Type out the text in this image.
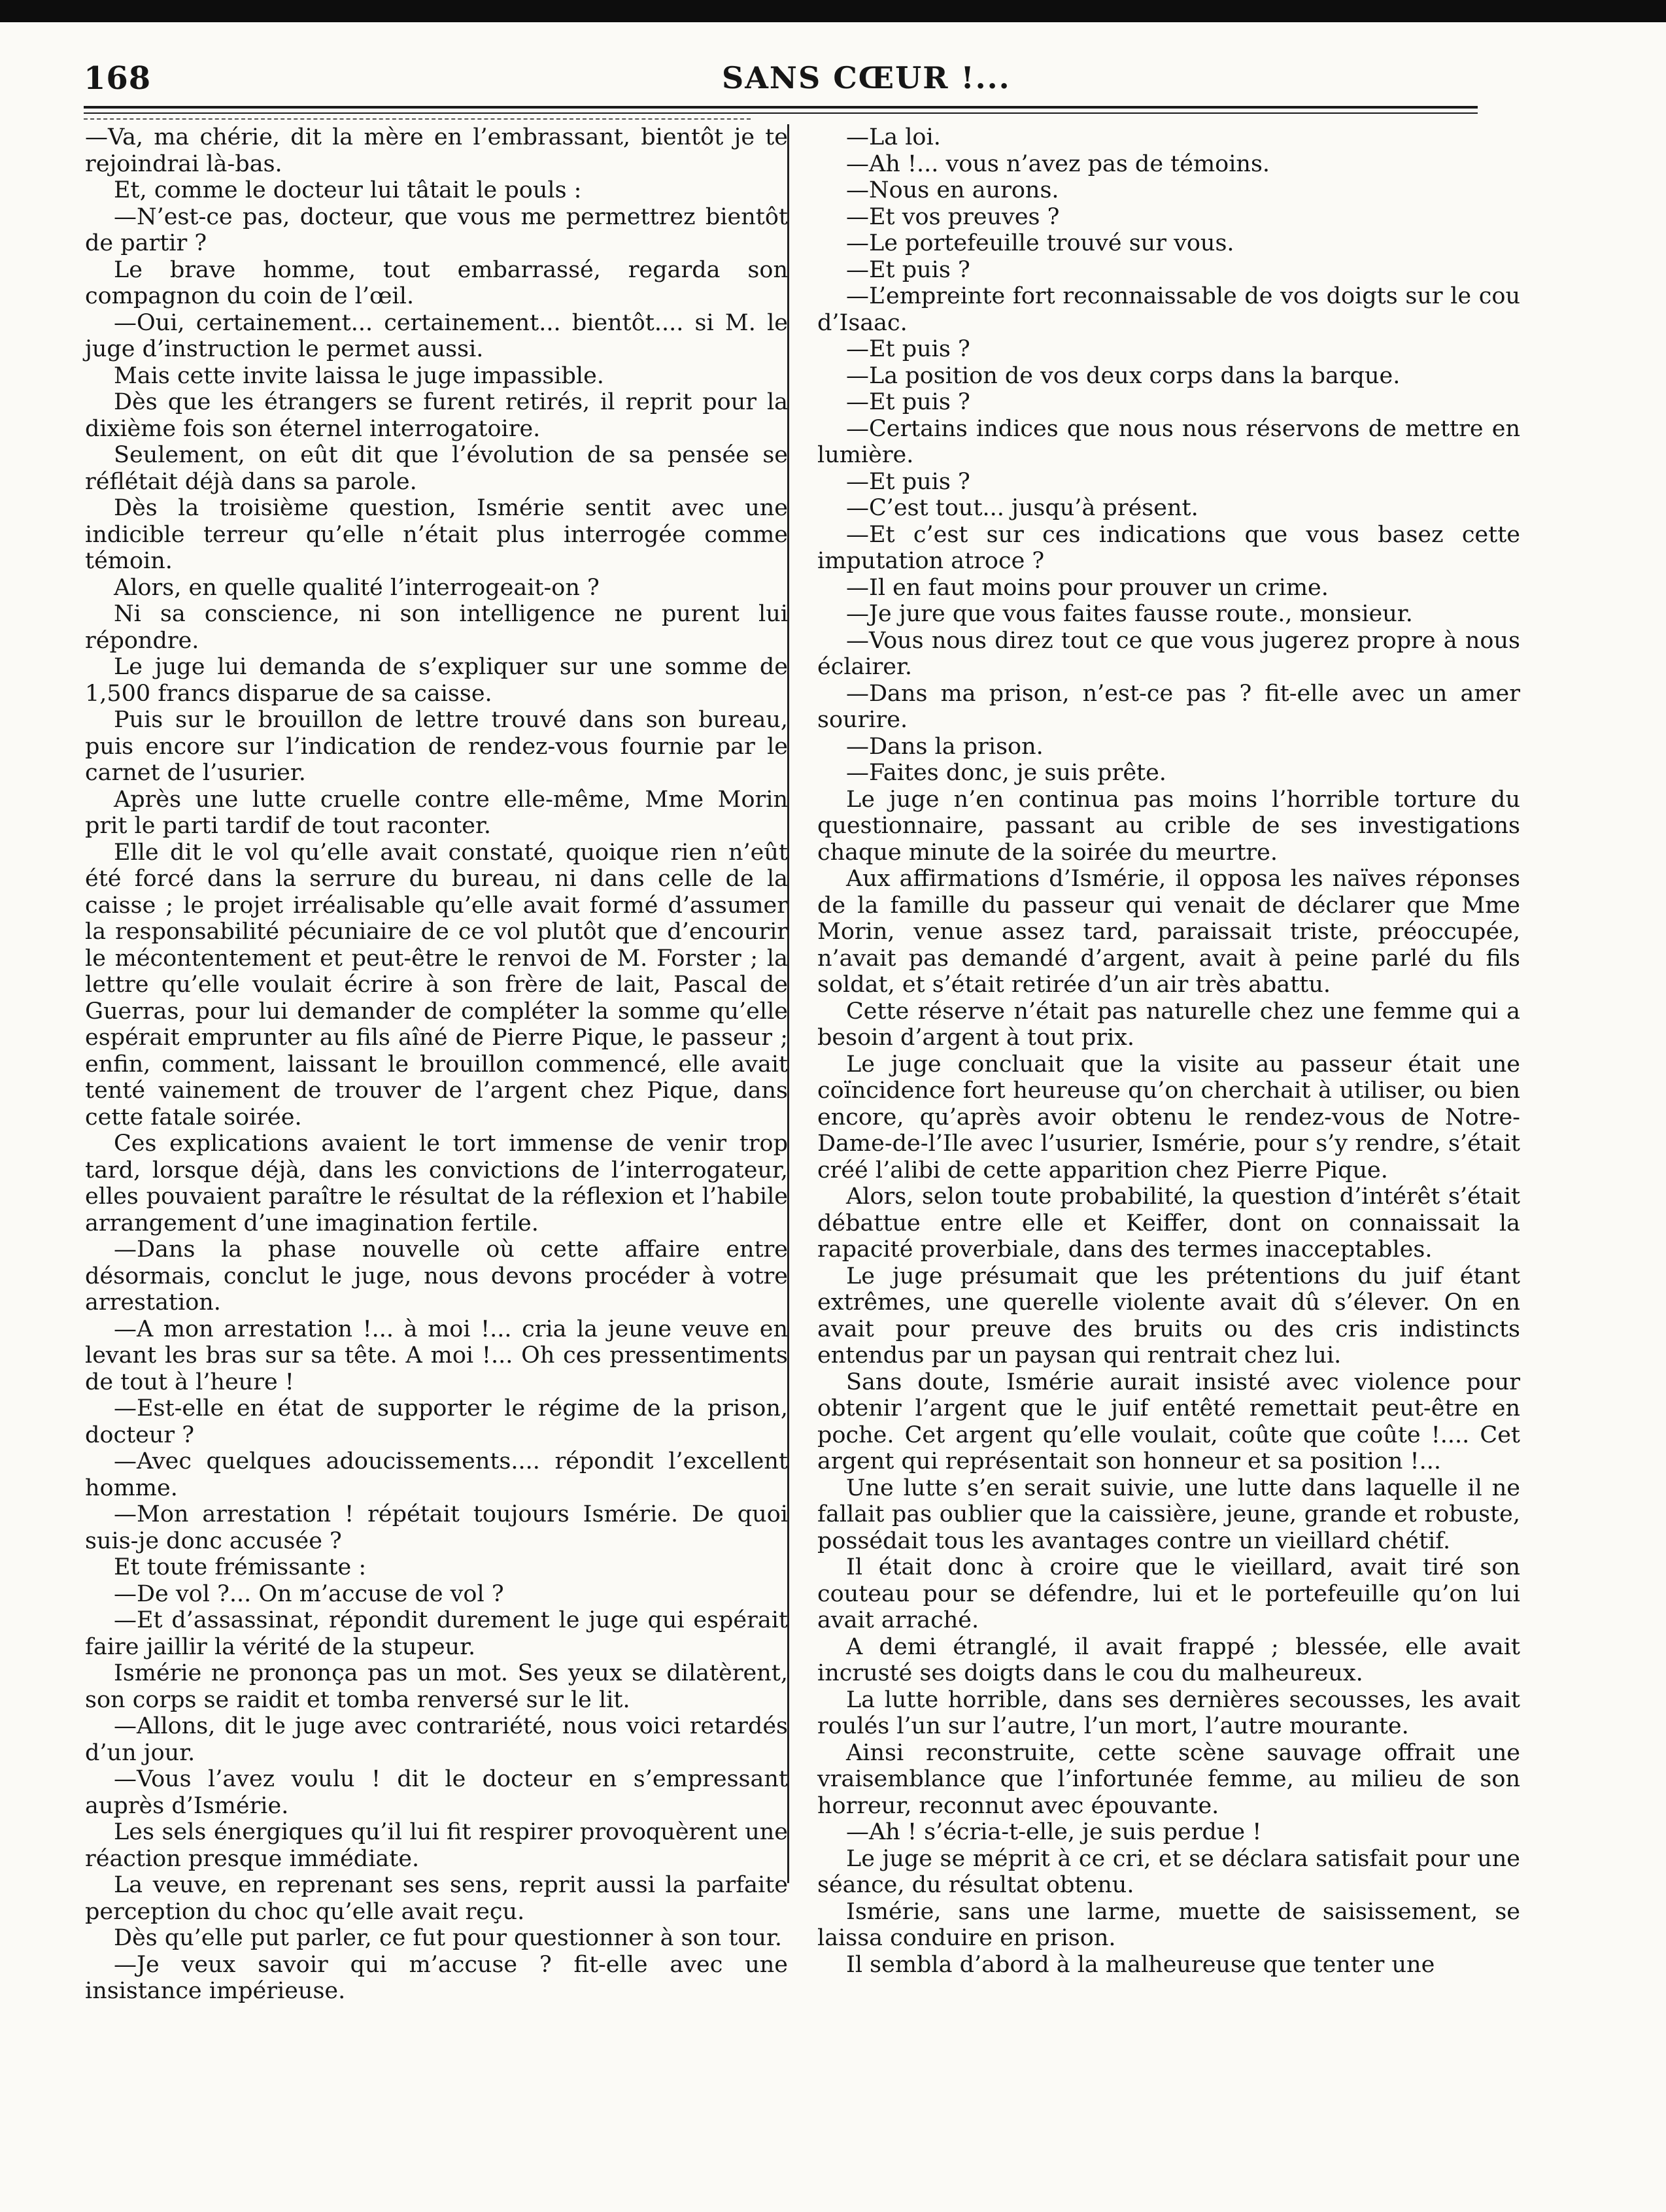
168	SANS CŒUR !...

—Va, ma chérie, dit la mère en l’embrassant, bientôt je te rejoindrai là-bas.

Et, comme le docteur lui tâtait le pouls :

—N’est-ce pas, docteur, que vous me permettrez bientôt de partir ?

Le brave homme, tout embarrassé, regarda son compagnon du coin de l’œil.

—Oui, certainement... certainement... bientôt.... si M. le juge d’instruction le permet aussi.

Mais cette invite laissa le juge impassible.

Dès que les étrangers se furent retirés, il reprit pour la dixième fois son éternel interrogatoire.

Seulement, on eût dit que l’évolution de sa pensée se réflétait déjà dans sa parole.

Dès la troisième question, Ismérie sentit avec une indicible terreur qu’elle n’était plus interrogée comme témoin.

Alors, en quelle qualité l’interrogeait-on ?

Ni sa conscience, ni son intelligence ne purent lui répondre.

Le juge lui demanda de s’expliquer sur une somme de 1,500 francs disparue de sa caisse.

Puis sur le brouillon de lettre trouvé dans son bureau, puis encore sur l’indication de rendez-vous fournie par le carnet de l’usurier.

Après une lutte cruelle contre elle-même, Mme Morin prit le parti tardif de tout raconter.

Elle dit le vol qu’elle avait constaté, quoique rien n’eût été forcé dans la serrure du bureau, ni dans celle de la caisse ; le projet irréalisable qu’elle avait formé d’assumer la responsabilité pécuniaire de ce vol plutôt que d’encourir le mécontentement et peut-être le renvoi de M. Forster ; la lettre qu’elle voulait écrire à son frère de lait, Pascal de Guerras, pour lui demander de compléter la somme qu’elle espérait emprunter au fils aîné de Pierre Pique, le passeur ; enfin, comment, laissant le brouillon commencé, elle avait tenté vainement de trouver de l’argent chez Pique, dans cette fatale soirée.

Ces explications avaient le tort immense de venir trop tard, lorsque déjà, dans les convictions de l’interrogateur, elles pouvaient paraître le résultat de la réflexion et l’habile arrangement d’une imagination fertile.

—Dans la phase nouvelle où cette affaire entre désormais, conclut le juge, nous devons procéder à votre arrestation.

—A mon arrestation !... à moi !... cria la jeune veuve en levant les bras sur sa tête. A moi !... Oh ces pressentiments de tout à l’heure !

—Est-elle en état de supporter le régime de la prison, docteur ?

—Avec quelques adoucissements.... répondit l’excellent homme.

—Mon arrestation ! répétait toujours Ismérie. De quoi suis-je donc accusée ?

Et toute frémissante :

—De vol ?... On m’accuse de vol ?

—Et d’assassinat, répondit durement le juge qui espérait faire jaillir la vérité de la stupeur.

Ismérie ne prononça pas un mot. Ses yeux se dilatèrent, son corps se raidit et tomba renversé sur le lit.

—Allons, dit le juge avec contrariété, nous voici retardés d’un jour.

—Vous l’avez voulu ! dit le docteur en s’empressant auprès d’Ismérie.

Les sels énergiques qu’il lui fit respirer provoquèrent une réaction presque immédiate.

La veuve, en reprenant ses sens, reprit aussi la parfaite perception du choc qu’elle avait reçu.

Dès qu’elle put parler, ce fut pour questionner à son tour.

—Je veux savoir qui m’accuse ? fit-elle avec une insistance impérieuse.

—La loi.

—Ah !... vous n’avez pas de témoins.

—Nous en aurons.

—Et vos preuves ?

—Le portefeuille trouvé sur vous.

—Et puis ?

—L’empreinte fort reconnaissable de vos doigts sur le cou d’Isaac.

—Et puis ?

—La position de vos deux corps dans la barque.

—Et puis ?

—Certains indices que nous nous réservons de mettre en lumière.

—Et puis ?

—C’est tout... jusqu’à présent.

—Et c’est sur ces indications que vous basez cette imputation atroce ?

—Il en faut moins pour prouver un crime.

—Je jure que vous faites fausse route., monsieur.

—Vous nous direz tout ce que vous jugerez propre à nous éclairer.

—Dans ma prison, n’est-ce pas ? fit-elle avec un amer sourire.

—Dans la prison.

—Faites donc, je suis prête.

Le juge n’en continua pas moins l’horrible torture du questionnaire, passant au crible de ses investigations chaque minute de la soirée du meurtre.

Aux affirmations d’Ismérie, il opposa les naïves réponses de la famille du passeur qui venait de déclarer que Mme Morin, venue assez tard, paraissait triste, préoccupée, n’avait pas demandé d’argent, avait à peine parlé du fils soldat, et s’était retirée d’un air très abattu.

Cette réserve n’était pas naturelle chez une femme qui a besoin d’argent à tout prix.

Le juge concluait que la visite au passeur était une coïncidence fort heureuse qu’on cherchait à utiliser, ou bien encore, qu’après avoir obtenu le rendez-vous de Notre-Dame-de-l’Ile avec l’usurier, Ismérie, pour s’y rendre, s’était créé l’alibi de cette apparition chez Pierre Pique.

Alors, selon toute probabilité, la question d’intérêt s’était débattue entre elle et Keiffer, dont on connaissait la rapacité proverbiale, dans des termes inacceptables.

Le juge présumait que les prétentions du juif étant extrêmes, une querelle violente avait dû s’élever. On en avait pour preuve des bruits ou des cris indistincts entendus par un paysan qui rentrait chez lui.

Sans doute, Ismérie aurait insisté avec violence pour obtenir l’argent que le juif entêté remettait peut-être en poche. Cet argent qu’elle voulait, coûte que coûte !.... Cet argent qui représentait son honneur et sa position !...

Une lutte s’en serait suivie, une lutte dans laquelle il ne fallait pas oublier que la caissière, jeune, grande et robuste, possédait tous les avantages contre un vieillard chétif.

Il était donc à croire que le vieillard, avait tiré son couteau pour se défendre, lui et le portefeuille qu’on lui avait arraché.

A demi étranglé, il avait frappé ; blessée, elle avait incrusté ses doigts dans le cou du malheureux.

La lutte horrible, dans ses dernières secousses, les avait roulés l’un sur l’autre, l’un mort, l’autre mourante.

Ainsi reconstruite, cette scène sauvage offrait une vraisemblance que l’infortunée femme, au milieu de son horreur, reconnut avec épouvante.

—Ah ! s’écria-t-elle, je suis perdue !

Le juge se méprit à ce cri, et se déclara satisfait pour une séance, du résultat obtenu.

Ismérie, sans une larme, muette de saisissement, se laissa conduire en prison.

Il sembla d’abord à la malheureuse que tenter une
